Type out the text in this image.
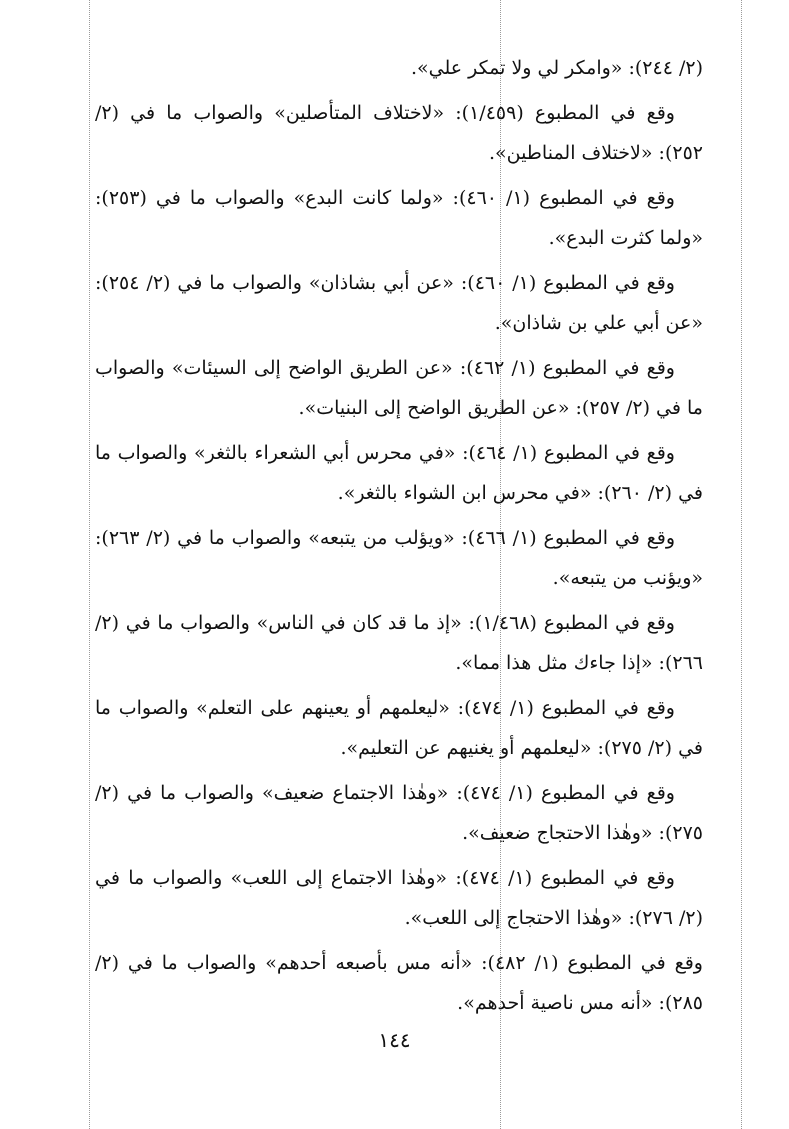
(٢/ ٢٤٤): «وامكر لي ولا تمكر علي».

وقع في المطبوع (١/٤٥٩): «لاختلاف المتأصلين» والصواب ما في (٢/ ٢٥٢): «لاختلاف المناطين».

وقع في المطبوع (١/ ٤٦٠): «ولما كانت البدع» والصواب ما في (٢٥٣): «ولما كثرت البدع».

وقع في المطبوع (١/ ٤٦٠): «عن أبي بشاذان» والصواب ما في (٢/ ٢٥٤): «عن أبي علي بن شاذان».

وقع في المطبوع (١/ ٤٦٢): «عن الطريق الواضح إلى السيئات» والصواب ما في (٢/ ٢٥٧): «عن الطريق الواضح إلى البنيات».

وقع في المطبوع (١/ ٤٦٤): «في محرس أبي الشعراء بالثغر» والصواب ما في (٢/ ٢٦٠): «في محرس ابن الشواء بالثغر».

وقع في المطبوع (١/ ٤٦٦): «ويؤلب من يتبعه» والصواب ما في (٢/ ٢٦٣): «ويؤنب من يتبعه».

وقع في المطبوع (١/٤٦٨): «إذ ما قد كان في الناس» والصواب ما في (٢/ ٢٦٦): «إذا جاءك مثل هذا مما».

وقع في المطبوع (١/ ٤٧٤): «ليعلمهم أو يعينهم على التعلم» والصواب ما في (٢/ ٢٧٥): «ليعلمهم أو يغنيهم عن التعليم».

وقع في المطبوع (١/ ٤٧٤): «وهٰذا الاجتماع ضعيف» والصواب ما في (٢/ ٢٧٥): «وهٰذا الاحتجاج ضعيف».

وقع في المطبوع (١/ ٤٧٤): «وهٰذا الاجتماع إلى اللعب» والصواب ما في (٢/ ٢٧٦): «وهٰذا الاحتجاج إلى اللعب».

وقع في المطبوع (١/ ٤٨٢): «أنه مس بأصبعه أحدهم» والصواب ما في (٢/ ٢٨٥): «أنه مس ناصية أحدهم».

١٤٤
